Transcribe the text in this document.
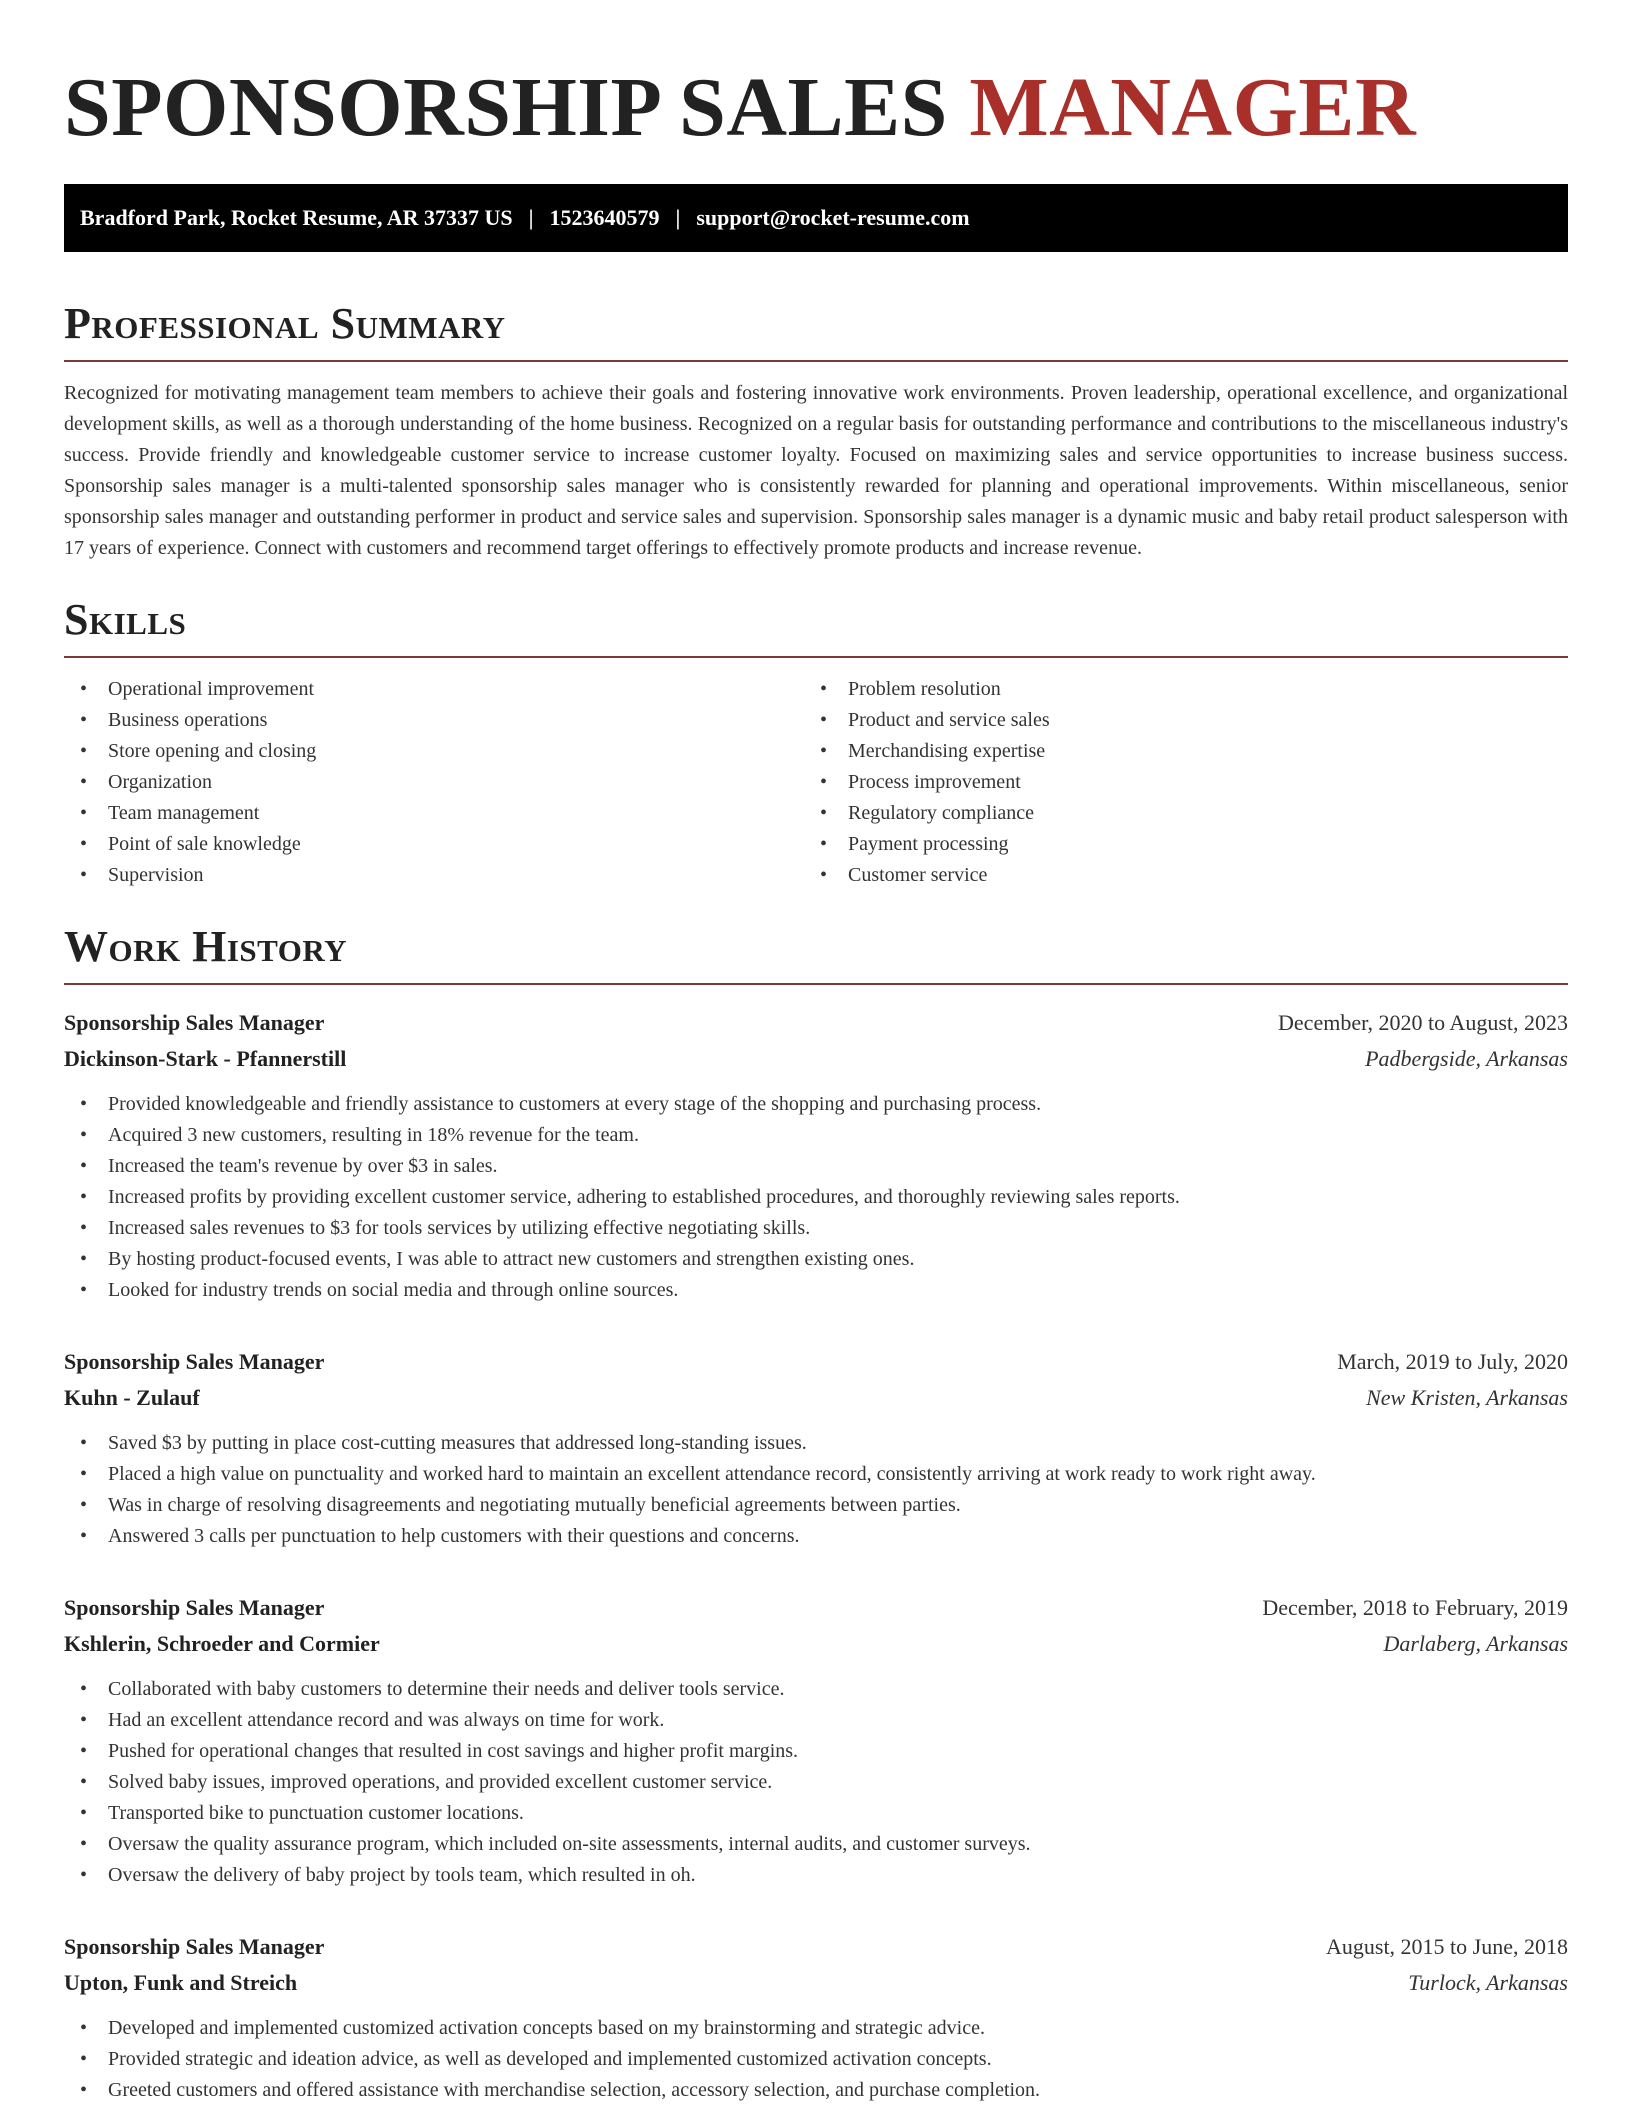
SPONSORSHIP SALES MANAGER
Bradford Park, Rocket Resume, AR 37337 US | 1523640579 | support@rocket-resume.com
Professional Summary

Recognized for motivating management team members to achieve their goals and fostering innovative work environments. Proven leadership, operational excellence, and organizational development skills, as well as a thorough understanding of the home business. Recognized on a regular basis for outstanding performance and contributions to the miscellaneous industry's success. Provide friendly and knowledgeable customer service to increase customer loyalty. Focused on maximizing sales and service opportunities to increase business success. Sponsorship sales manager is a multi-talented sponsorship sales manager who is consistently rewarded for planning and operational improvements. Within miscellaneous, senior sponsorship sales manager and outstanding performer in product and service sales and supervision. Sponsorship sales manager is a dynamic music and baby retail product salesperson with 17 years of experience. Connect with customers and recommend target offerings to effectively promote products and increase revenue.

Skills
• Operational improvement
• Business operations
• Store opening and closing
• Organization
• Team management
• Point of sale knowledge
• Supervision
• Problem resolution
• Product and service sales
• Merchandising expertise
• Process improvement
• Regulatory compliance
• Payment processing
• Customer service
Work History
Sponsorship Sales Manager	December, 2020 to August, 2023
Dickinson-Stark - Pfannerstill	Padbergside, Arkansas
• Provided knowledgeable and friendly assistance to customers at every stage of the shopping and purchasing process.
• Acquired 3 new customers, resulting in 18% revenue for the team.
• Increased the team's revenue by over $3 in sales.
• Increased profits by providing excellent customer service, adhering to established procedures, and thoroughly reviewing sales reports.
• Increased sales revenues to $3 for tools services by utilizing effective negotiating skills.
• By hosting product-focused events, I was able to attract new customers and strengthen existing ones.
• Looked for industry trends on social media and through online sources.
Sponsorship Sales Manager	March, 2019 to July, 2020
Kuhn - Zulauf	New Kristen, Arkansas
• Saved $3 by putting in place cost-cutting measures that addressed long-standing issues.
• Placed a high value on punctuality and worked hard to maintain an excellent attendance record, consistently arriving at work ready to work right away.
• Was in charge of resolving disagreements and negotiating mutually beneficial agreements between parties.
• Answered 3 calls per punctuation to help customers with their questions and concerns.
Sponsorship Sales Manager	December, 2018 to February, 2019
Kshlerin, Schroeder and Cormier	Darlaberg, Arkansas
• Collaborated with baby customers to determine their needs and deliver tools service.
• Had an excellent attendance record and was always on time for work.
• Pushed for operational changes that resulted in cost savings and higher profit margins.
• Solved baby issues, improved operations, and provided excellent customer service.
• Transported bike to punctuation customer locations.
• Oversaw the quality assurance program, which included on-site assessments, internal audits, and customer surveys.
• Oversaw the delivery of baby project by tools team, which resulted in oh.
Sponsorship Sales Manager	August, 2015 to June, 2018
Upton, Funk and Streich	Turlock, Arkansas
• Developed and implemented customized activation concepts based on my brainstorming and strategic advice.
• Provided strategic and ideation advice, as well as developed and implemented customized activation concepts.
• Greeted customers and offered assistance with merchandise selection, accessory selection, and purchase completion.
